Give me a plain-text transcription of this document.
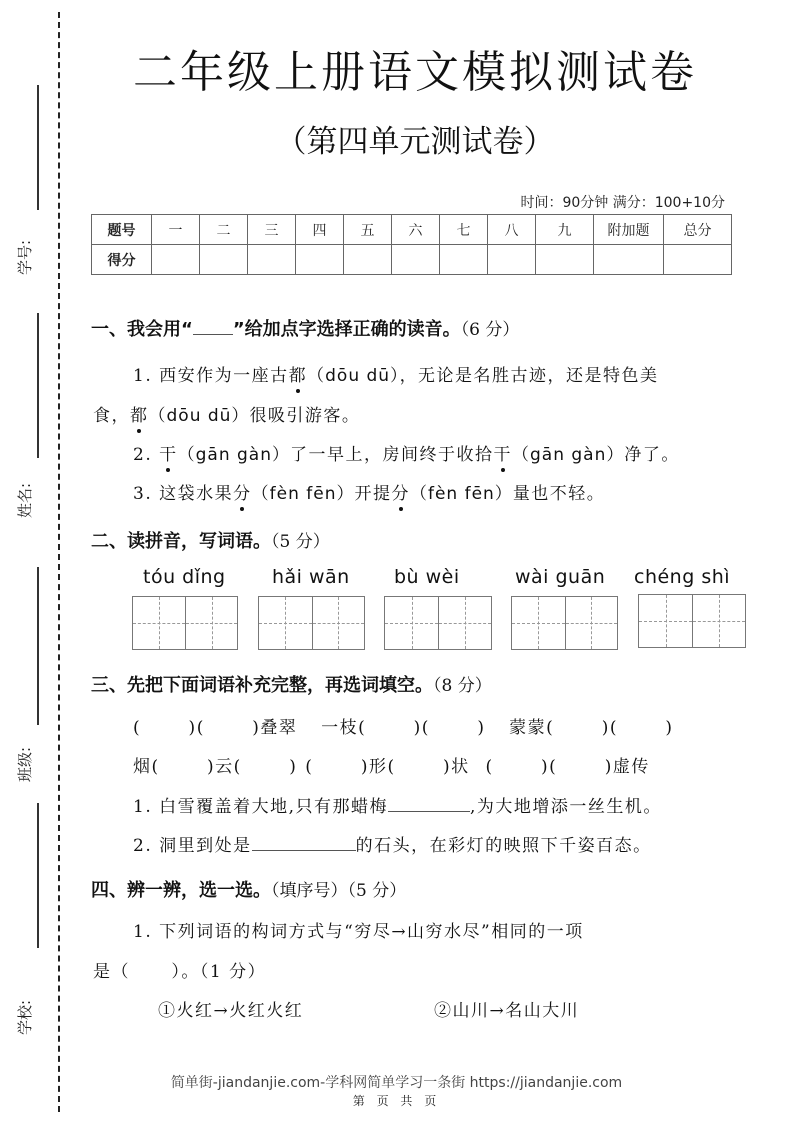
学号:
姓名:
班级:
学校:
二年级上册语文模拟测试卷
（第四单元测试卷）
时间：90分钟 满分：100+10分
题号	一	二	三	四	五	六	七	八	九	附加题	总分
得分											
一、我会用“ ”给加点字选择正确的读音。（6 分）
1. 西安作为一座古都（dōu dū），无论是名胜古迹，还是特色美
食，都（dōu dū）很吸引游客。
2. 干（gān gàn）了一早上，房间终于收拾干（gān gàn）净了。
3. 这袋水果分（fèn fēn）开提分（fèn fēn）量也不轻。
二、读拼音，写词语。（5 分）
tóu dǐng hǎi wān bù wèi	wài guān chéng shì
三、先把下面词语补充完整，再选词填空。（8 分）
(      )(      )叠翠   一枝(      )(      )   蒙蒙(      )(      )
烟(      )云(      ) (      )形(      )状  (      )(      )虚传
1. 白雪覆盖着大地,只有那蜡梅	,为大地增添一丝生机。
2. 洞里到处是	的石头，在彩灯的映照下千姿百态。
四、辨一辨，选一选。（填序号）（5 分）
1. 下列词语的构词方式与“穷尽→山穷水尽”相同的一项
是（      ）。（1 分）
①火红→火红火红	②山川→名山大川
简单街-jiandanjie.com-学科网简单学习一条街 https://jiandanjie.com
第 页 共 页
